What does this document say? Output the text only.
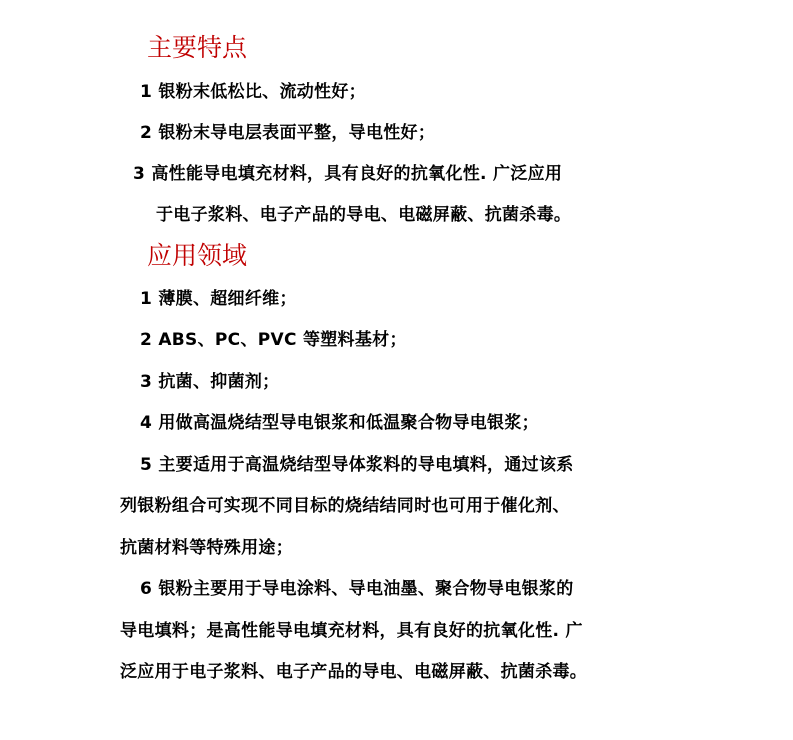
主要特点
1 银粉末低松比、流动性好；
2 银粉末导电层表面平整，导电性好；
3 高性能导电填充材料，具有良好的抗氧化性. 广泛应用
于电子浆料、电子产品的导电、电磁屏蔽、抗菌杀毒。
应用领域
1 薄膜、超细纤维；
2 ABS、PC、PVC 等塑料基材；
3 抗菌、抑菌剂；
4 用做高温烧结型导电银浆和低温聚合物导电银浆；
5 主要适用于高温烧结型导体浆料的导电填料，通过该系
列银粉组合可实现不同目标的烧结结同时也可用于催化剂、
抗菌材料等特殊用途；
6 银粉主要用于导电涂料、导电油墨、聚合物导电银浆的
导电填料；是高性能导电填充材料，具有良好的抗氧化性. 广
泛应用于电子浆料、电子产品的导电、电磁屏蔽、抗菌杀毒。
